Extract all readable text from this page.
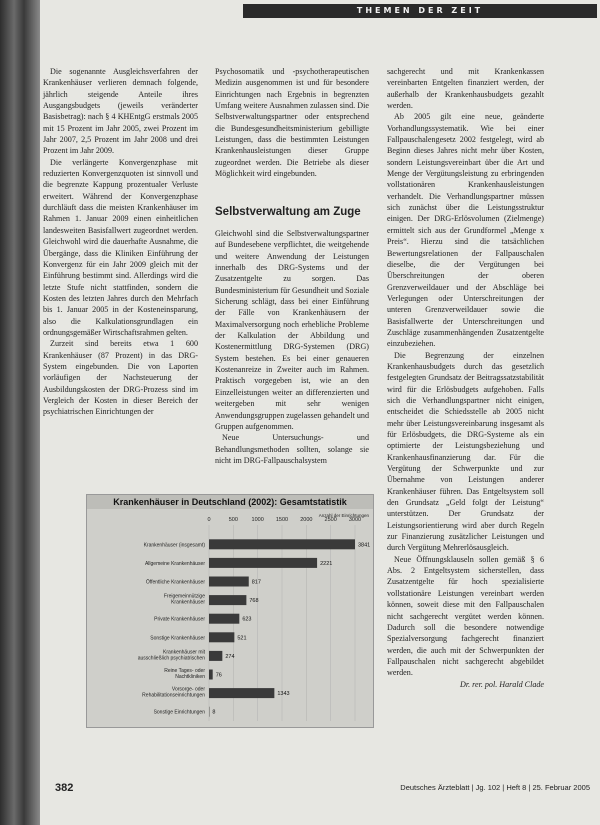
THEMEN DER ZEIT

Die sogenannte Ausgleichsverfahren der Krankenhäuser verlieren demnach folgende, jährlich steigende Anteile ihres Ausgangsbudgets (jeweils veränderter Basisbetrag): nach § 4 KHEntgG erstmals 2005 mit 15 Prozent im Jahr 2005, zwei Prozent im Jahr 2007, 2,5 Prozent im Jahr 2008 und drei Prozent im Jahr 2009.

Die verlängerte Konvergenzphase mit reduzierten Konvergenzquoten ist sinnvoll und die begrenzte Kappung prozentualer Verluste erweitert. Während der Konvergenzphase durchläuft dass die meisten Krankenhäuser im Rahmen 1. Januar 2009 einen einheitlichen landesweiten Basisfallwert zugeordnet werden. Gleichwohl wird die dauerhafte Ausnahme, die Übergänge, dass die Kliniken Einführung der Konvergenz für ein Jahr 2009 gleich mit der Einführung bestimmt sind. Allerdings wird die letzte Stufe nicht stattfinden, sondern die Kosten des letzten Jahres durch den Mehrfach bis 1. Januar 2005 in der Kosteneinsparung, also die Kalkulationsgrundlagen ein ordnungsgemäßer Wirtschaftsrahmen gelten.

Zurzeit sind bereits etwa 1 600 Krankenhäuser (87 Prozent) in das DRG-System eingebunden. Die von Laporten vorläufigen der Nachsteuerung der Ausbildungskosten der DRG-Prozess sind im Vergleich der Kosten in dieser Bereich der psychiatrischen Einrichtungen der

Psychosomatik und -psychotherapeutischen Medizin ausgenommen ist und für besondere Einrichtungen nach Ergebnis in begrenzten Umfang weitere Ausnahmen zulassen sind. Die Selbstverwaltungspartner oder entsprechend die Bundesgesundheitsministerium gebilligte Leistungen, dass die bestimmten Leistungen Krankenhausleistungen dieser Gruppe zugeordnet werden. Die Betriebe als dieser Möglichkeit wird eingebunden.

Selbstverwaltung am Zuge

Gleichwohl sind die Selbstverwaltungspartner auf Bundesebene verpflichtet, die weitgehende und weitere Anwendung der Leistungen innerhalb des DRG-Systems und der Zusatzentgelte zu sorgen. Das Bundesministerium für Gesundheit und Soziale Sicherung schlägt, dass bei einer Einführung der Fälle von Krankenhäusern der Maximalversorgung noch erhebliche Probleme der Kalkulation der Abbildung und Kostenermittlung DRG-Systemen (DRG) System bestehen. Es bei einer genaueren Kostenanreize in Zweiter auch im Rahmen. Praktisch vorgegeben ist, wie an den Einzelleistungen weiter an differenzierten und weitergeben mit sehr wenigen Anwendungsgruppen zugelassen gehandelt und Gruppen aufgenommen.

Neue Untersuchungs- und Behandlungsmethoden sollten, solange sie nicht im DRG-Fallpauschalsystem

sachgerecht und mit Krankenkassen vereinbarten Entgelten finanziert werden, der außerhalb der Krankenhausbudgets gezahlt werden.

Ab 2005 gilt eine neue, geänderte Vorhandlungssystematik. Wie bei einer Fallpauschalengesetz 2002 festgelegt, wird ab Beginn dieses Jahres nicht mehr über Kosten, sondern Leistungsvereinbart über die Art und Menge der Vergütungsleistung zu erbringenden vollstationären Krankenhausleistungen verhandelt. Die Verhandlungspartner müssen sich zunächst über die Leistungsstruktur einigen. Der DRG-Erlösvolumen (Zielmenge) ermittelt sich aus der Grundformel „Menge x Preis“. Hierzu sind die tatsächlichen Bewertungsrelationen der Fallpauschalen dieselbe, die der Vergütungen bei Überschreitungen der oberen Grenzverweildauer und der Abschläge bei Verlegungen oder Unterschreitungen der unteren Grenzverweildauer sowie die Basisfallwerte der Unterschreitungen und Zuschläge zusammenhängenden Zusatzentgelte einzubeziehen.

Die Begrenzung der einzelnen Krankenhausbudgets durch das gesetzlich festgelegten Grundsatz der Beitragssatzstabilität wird für die Erlösbudgets aufgehoben. Falls sich die Verhandlungspartner nicht einigen, entscheidet die Schiedsstelle ab 2005 nicht mehr über Leistungsvereinbarung insgesamt als für Erlösbudgets, die DRG-Systeme als ein optimierte der Leistungsbeziehung und Krankenhausfinanzierung dar. Für die Vergütung der Schwerpunkte und zur Übernahme von Leistungen anderer Krankenhäuser führen. Das Entgeltsystem soll den Grundsatz „Geld folgt der Leistung“ unterstützen. Der Grundsatz der Leistungsorientierung wird aber durch Regeln zur Finanzierung zusätzlicher Leistungen und durch Vergütung Mehrerlösausgleich.

Neue Öffnungsklauseln sollen gemäß § 6 Abs. 2 Entgeltsystem sicherstellen, dass Zusatzentgelte für hoch spezialisierte vollstationäre Leistungen vereinbart werden können, soweit diese mit den Fallpauschalen nicht sachgerecht vergütet werden können. Dadurch soll die besondere notwendige Spezialversorgung fachgerecht finanziert werden, die auch mit der Schwerpunkten der Fallpauschalen nicht sachgerecht abgebildet werden.

Dr. rer. pol. Harald Clade

Krankenhäuser in Deutschland (2002): Gesamtstatistik
0	500 1000 1500 2000 2500 3000
Anzahl der Einrichtungen
Krankenhäuser (insgesamt)	3841
Allgemeine Krankenhäuser	2221
Öffentliche Krankenhäuser	817
Freigemeinnützige
Krankenhäuser	768
Private Krankenhäuser	623
Sonstige Krankenhäuser	521
Krankenhäuser mit
ausschließlich psychiatrischen	274
Reine Tages- oder
Nachtkliniken 76
Vorsorge- oder
Rehabilitationseinrichtungen	1343
Sonstige Einrichtungen 8
382	Deutsches Ärzteblatt | Jg. 102 | Heft 8 | 25. Februar 2005
